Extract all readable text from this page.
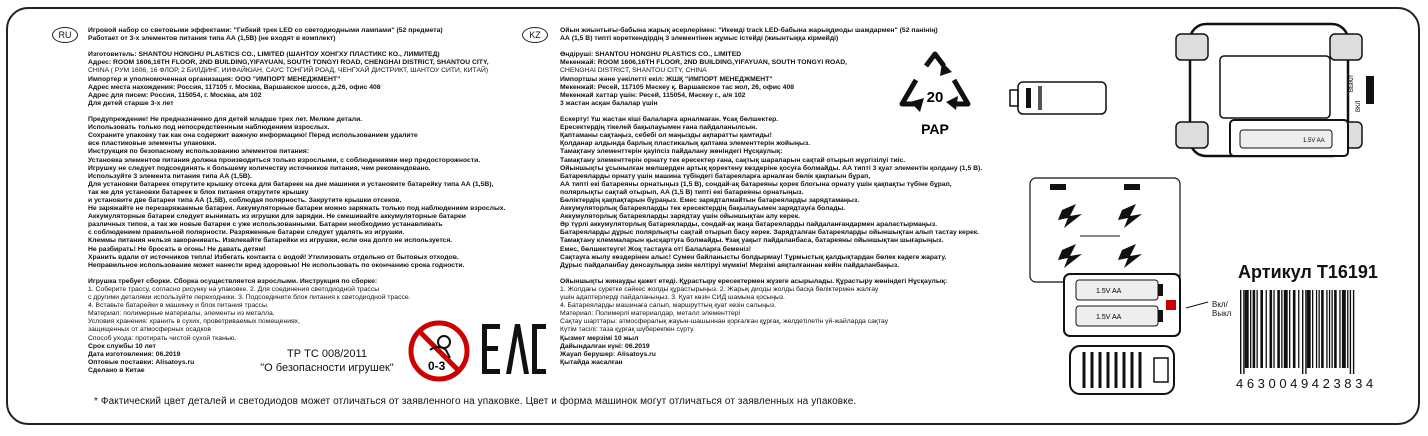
RU	KZ

Игровой набор со световыми эффектами: "Гибкий трек LED со светодиодными лампами" (52 предмета)

Работает от 3-х элементов питания типа АА (1,5В) (не входят в комплект)

Изготовитель: SHANTOU HONGHU PLASTICS CO., LIMITED (ШАНТОУ ХОНГХУ ПЛАСТИКС КО., ЛИМИТЕД)

Адрес: ROOM 1606,16TH FLOOR, 2ND BUILDING,YIFAYUAN, SOUTH TONGYI ROAD, CHENGHAI DISTRICT, SHANTOU CITY,

CHINA ( РУМ 1606, 16 ФЛОР, 2 БИЛДИНГ, ИИФАЙЮАН, САУС ТОНГИЙ РОАД, ЧЕНГХАЙ ДИСТРИКТ, ШАНТОУ СИТИ, КИТАЙ)

Импортер и уполномоченная организация: ООО "ИМПОРТ МЕНЕДЖМЕНТ"

Адрес места нахождения: Россия, 117105 г. Москва, Варшавское шоссе, д.26, офис 408

Адрес для писем: Россия, 115054, г. Москва, а/я 102

Для детей старше 3-х лет

Предупреждение! Не предназначено для детей младше трех лет. Мелкие детали.

Использовать только под непосредственным наблюдением взрослых.

Сохраните упаковку так как она содержит важную информацию! Перед использованием удалите

все пластиковые элементы упаковки.

Инструкция по безопасному использованию элементов питания:

Установка элементов питания должна производиться только взрослыми, с соблюдениями мер предосторожности.

Игрушку не следует подсоединять к большему количеству источников питания, чем рекомендовано.

Используйте 3 элемента питания типа АА (1,5В).

Для установки батареек открутите крышку отсека для батареек на дне машинки и установите батарейку типа АА (1,5В),

так же для установки батареек в блок питания открутите крышку

и установите две батареи типа АА (1,5В), соблюдая полярность. Закрутите крышки отсеков.

Не заряжайте не перезаряжаемые батареи. Аккумуляторные батареи можно заряжать только под наблюдением взрослых.

Аккумуляторные батареи следует вынимать из игрушки для зарядки. Не смешивайте аккумуляторные батареи

различных типов, а так же новые батареи с уже использованными. Батареи необходимо устанавливать

с соблюдением правильной полярности. Разряженные батареи следует удалять из игрушки.

Клеммы питания нельзя закорачивать. Извлекайте батарейки из игрушки, если она долго не используется.

Не разбирать! Не бросать в огонь! Не давать детям!

Хранить вдали от источников тепла! Избегать контакта с водой! Утилизовать отдельно от бытовых отходов.

Неправильное использование может нанести вред здоровью! Не использовать по окончанию срока годности.

Игрушка требует сборки. Сборка осуществляется взрослыми. Инструкция по сборке:

1. Соберите трассу, согласно рисунку на упаковке. 2. Для соединения светодиодной трассы

с другими деталями используйте переходники. 3. Подсоедините блок питания к светодиодной трассе.

4. Вставьте батарейки в машинку и блок питания трассы.

Материал: полимерные материалы, элементы из металла.

Условия хранения: хранить в сухих, проветриваемых помещениях,

защищенных от атмосферных осадков

Способ ухода: протирать чистой сухой тканью.

Срок службы 10 лет

Дата изготовления: 06.2019

Оптовые поставки: Alisatoys.ru

Сделано в Китае

Ойын жиынтығы-бабына жарық әсерлерімен: "Икемді track LED-бабына жарықдиоды шамдармен" (52 панінің)

АА (1,5 В) типті кореткендірдің 3 элементінен жұмыс істейді (жиынтыққа кірмейді)

Өндіруші: SHANTOU HONGHU PLASTICS CO., LIMITED

Мекенжай: ROOM 1606,16TH FLOOR, 2ND BUILDING,YIFAYUAN, SOUTH TONGYI ROAD,

CHENGHAI DISTRICT, SHANTOU CITY, CHINA

Импортшы және уәкілетті екіл: ЖШҚ "ИМПОРТ МЕНЕДЖМЕНТ"

Мекенжай: Ресей, 117105 Мәскеу қ. Варшавское тас жол, 26, офис 408

Мекенжай хаттар үшін: Ресей, 115054, Мәскеу г., а/я 102

3 жастан асқан балалар үшін

Ескерту! Үш жастан кіші балаларға арналмаған. Ұсақ бөлшектер.

Ересектердің тікелей бақылауымен ғана пайдаланылсын.

Қаптаманы сақтаңыз, себебі ол маңызды ақпаратты қамтиды!

Қолданар алдында барлық пластикалық қаптама элементтерін жойыңыз.

Тамақтану элементтерін қауіпсіз пайдалану жөніндегі Нұсқаулық:

Тамақтану элементтерін орнату тек ересектер ғана, сақтық шараларын сақтай отырып жүргізілуі тиіс.

Ойыншықты ұсынылған мөлшерден артық қоректену көздеріне қосуға болмайды. АА типті 3 қуат элементін қолдану (1,5 В).

Батареяларды орнату үшін машина түбіндегі батареяларға арналған бөлік қақпағын бұрап,

АА типті екі батареяны орнатыңыз (1,5 В), сондай-ақ батареяны қорек блогына орнату үшін қақпақты түбіне бұрап,

полярлықты сақтай отырып, АА (1,5 В) типті екі батареяны орнатыңыз.

Бөліктердің қақпақтарын бұраңыз. Емес зарядталмайтын батареяларды зарядтамаңыз.

Аккумуляторлық батареяларды тек ересектердің бақылауымен зарядтауға болады.

Аккумуляторлық батареяларды зарядтау үшін ойыншықтан алу керек.

Әр түрлі аккумуляторлық батареяларды, сондай-ақ жаңа батареяларды пайдаланғандармен араластырмаңыз.

Батареяларды дұрыс полярлықты сақтай отырып басу керек. Зарядталған батареяларды ойыншықтан алып тастау керек.

Тамақтану клеммаларын қысқартуға болмайды. Ұзақ уақыт пайдаланбаса, батареяны ойыншықтан шығарыңыз.

Емес, бөлшектеуге! Жоқ тастауға от! Балаларға беменіз!

Сақтауға жылу көздерінен алыс! Сумен байланысты болдырмау! Тұрмыстық қалдықтардан бөлек кәдеге жарату.

Дұрыс пайдаланбау денсаулыққа зиян келтіруі мүмкін! Мерзімі аяқталғаннан кейін пайдаланбаңыз.

Ойыншықты жинауды қажет етеді. Құрастыру ересектермен жүзеге асырылады. Құрастыру жөніндегі Нұсқаулық:

1. Жолдағы суретке сәйкес жолды құрастырыңыз. 2. Жарық диоды жолды басқа бөліктермен жалғау

үшін адаптерлерді пайдаланыңыз. 3. Қуат көзін СИД шамына қосыңыз.

4. Батареяларды машинаға салып, маршруттың қуат көзін салыңыз.

Материал: Полимерлі материалдар, металл элементтері

Сақтау шарттары: атмосфералық жауын-шашыннан қорғалған құрғақ, желдетілетін үй-жайларда сақтау

Күтім тәсілі: таза құрғақ шүберекпен сүрту.

Қызмет мерзімі 10 жыл

Дайындалған күні: 06.2019

Жауап берушер: Alisatoys.ru

Қытайда жасалған

20
PAP
1.5V AA
ВЫКЛ
ВКЛ
1.5V AA
1.5V AA
Вкл/
Выкл
0-3
ТР ТС 008/2011
"О безопасности игрушек"
Артикул Т16191
4630049423834
* Фактический цвет деталей и светодиодов может отличаться от заявленного на упаковке. Цвет и форма машинок могут отличаться от заявленных на упаковке.
